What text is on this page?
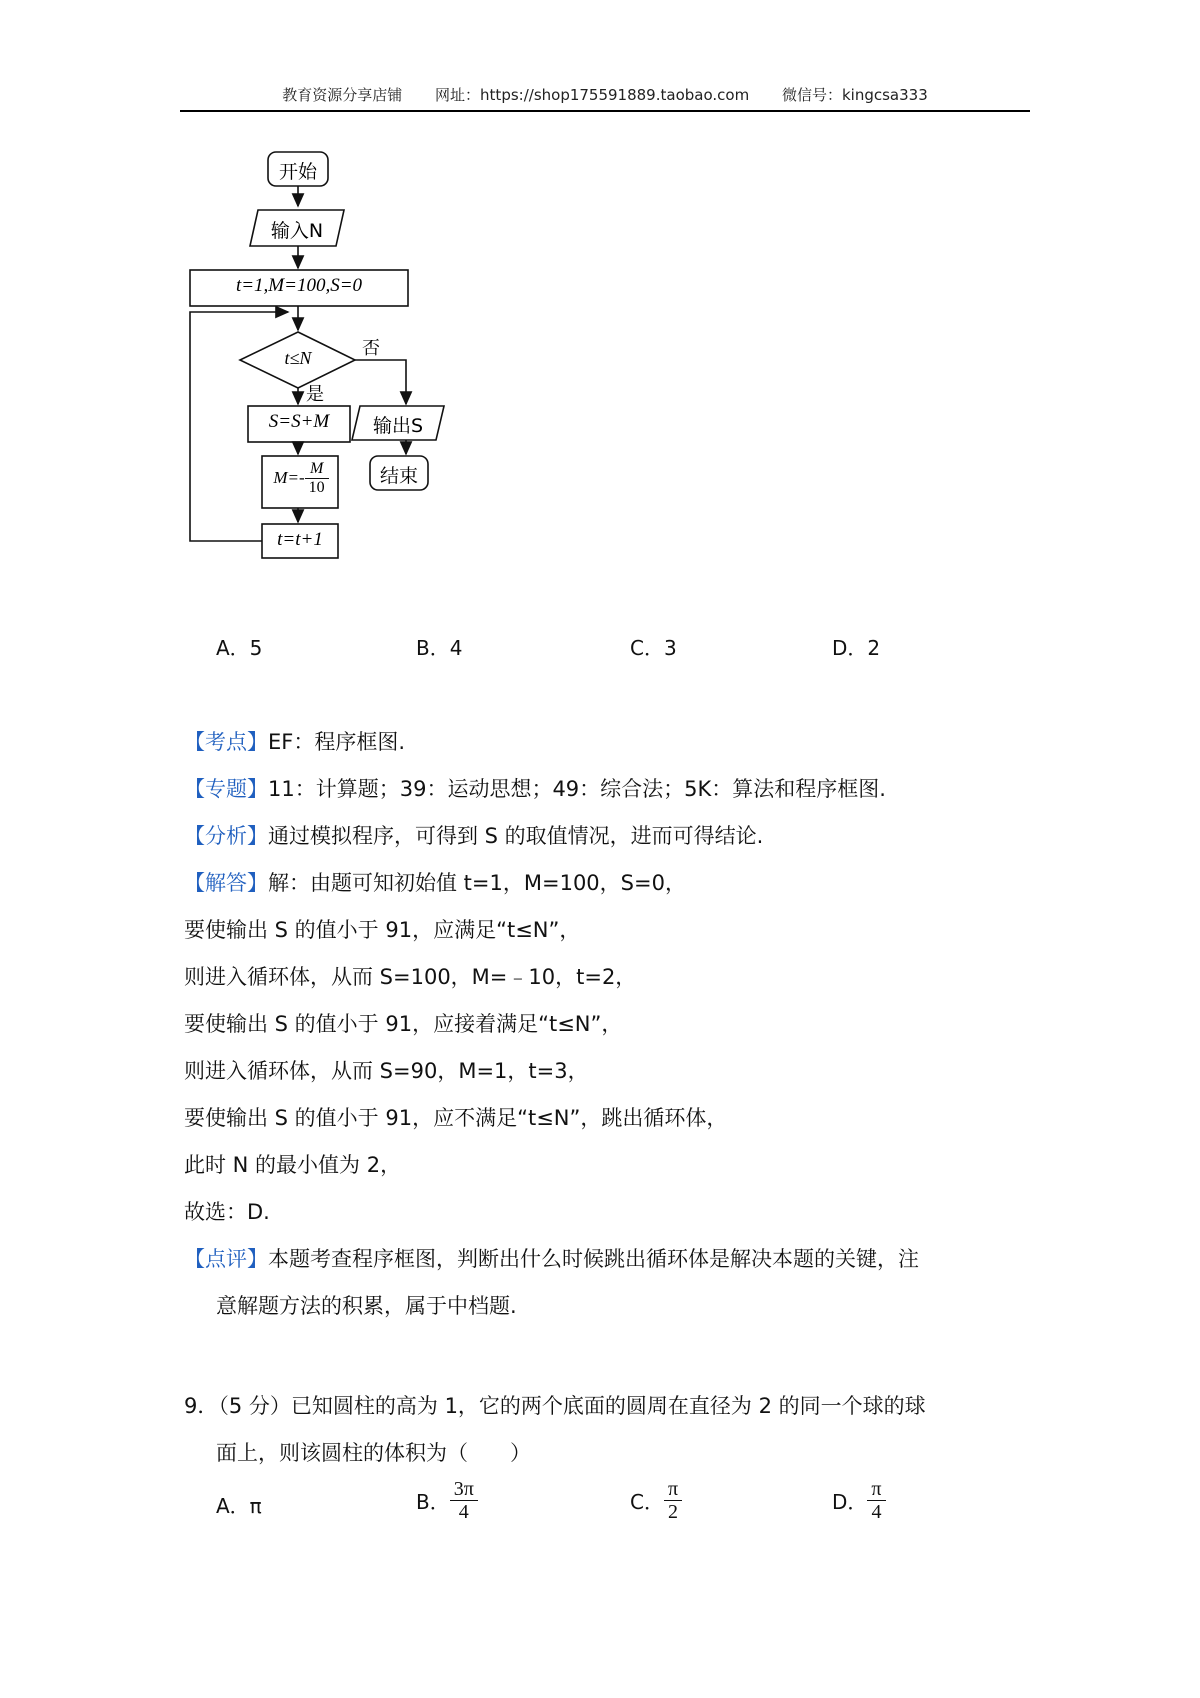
教育资源分享店铺 网址：https://shop175591889.taobao.com 微信号：kingcsa333
开始
输入N
t=1,M=100,S=0
t≤N	否
是
S=S+M
$M=- \frac{M}{10}$
t=t+1
输出S
结束
A．5	B．4	C．3	D．2
【考点】EF：程序框图.
【专题】11：计算题；39：运动思想；49：综合法；5K：算法和程序框图.
【分析】通过模拟程序，可得到 S 的取值情况，进而可得结论.
【解答】解：由题可知初始值 t=1，M=100，S=0，
要使输出 S 的值小于 91，应满足“t≤N”，
则进入循环体，从而 S=100，M=﹣10，t=2，
要使输出 S 的值小于 91，应接着满足“t≤N”，
则进入循环体，从而 S=90，M=1，t=3，
要使输出 S 的值小于 91，应不满足“t≤N”，跳出循环体，
此时 N 的最小值为 2，
故选：D.
【点评】本题考查程序框图，判断出什么时候跳出循环体是解决本题的关键，注
意解题方法的积累，属于中档题.
9．（5 分）已知圆柱的高为 1，它的两个底面的圆周在直径为 2 的同一个球的球
面上，则该圆柱的体积为（　　）
A．π	B． $\frac{3\pi}{4}$	C． $\frac{\pi}{2}$	D． $\frac{\pi}{4}$
